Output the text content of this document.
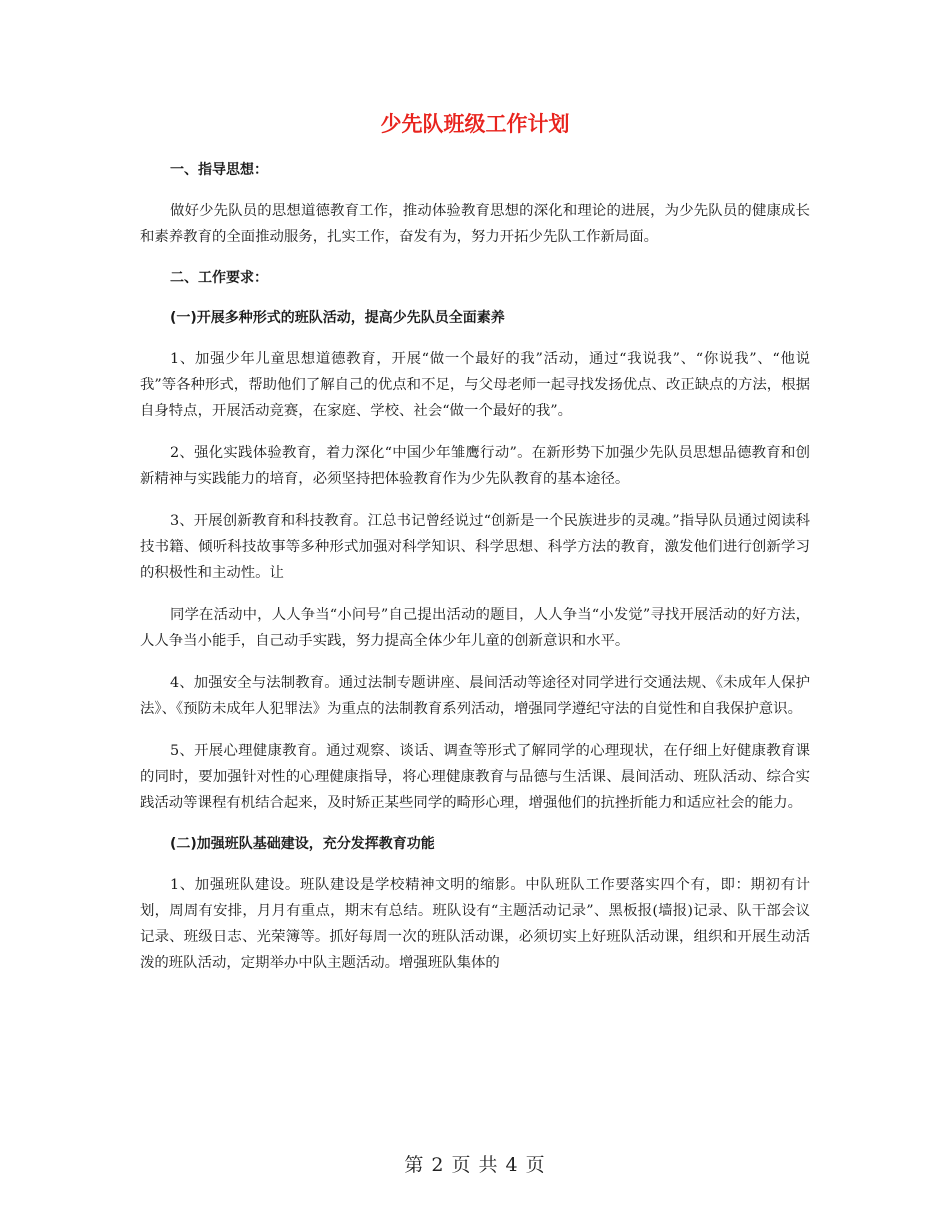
少先队班级工作计划
一、指导思想：

做好少先队员的思想道德教育工作，推动体验教育思想的深化和理论的进展，为少先队员的健康成长和素养教育的全面推动服务，扎实工作，奋发有为，努力开拓少先队工作新局面。

二、工作要求：
(一)开展多种形式的班队活动，提高少先队员全面素养

1、加强少年儿童思想道德教育，开展“做一个最好的我”活动，通过“我说我”、“你说我”、“他说我”等各种形式，帮助他们了解自己的优点和不足，与父母老师一起寻找发扬优点、改正缺点的方法，根据自身特点，开展活动竞赛，在家庭、学校、社会“做一个最好的我”。

2、强化实践体验教育，着力深化“中国少年雏鹰行动”。在新形势下加强少先队员思想品德教育和创新精神与实践能力的培育，必须坚持把体验教育作为少先队教育的基本途径。

3、开展创新教育和科技教育。江总书记曾经说过“创新是一个民族进步的灵魂。”指导队员通过阅读科技书籍、倾听科技故事等多种形式加强对科学知识、科学思想、科学方法的教育，激发他们进行创新学习的积极性和主动性。让

同学在活动中，人人争当“小问号”自己提出活动的题目，人人争当“小发觉”寻找开展活动的好方法，人人争当小能手，自己动手实践，努力提高全体少年儿童的创新意识和水平。

4、加强安全与法制教育。通过法制专题讲座、晨间活动等途径对同学进行交通法规、《未成年人保护法》、《预防未成年人犯罪法》为重点的法制教育系列活动，增强同学遵纪守法的自觉性和自我保护意识。

5、开展心理健康教育。通过观察、谈话、调查等形式了解同学的心理现状，在仔细上好健康教育课的同时，要加强针对性的心理健康指导，将心理健康教育与品德与生活课、晨间活动、班队活动、综合实践活动等课程有机结合起来，及时矫正某些同学的畸形心理，增强他们的抗挫折能力和适应社会的能力。

(二)加强班队基础建设，充分发挥教育功能

1、加强班队建设。班队建设是学校精神文明的缩影。中队班队工作要落实四个有，即：期初有计划，周周有安排，月月有重点，期末有总结。班队设有“主题活动记录”、黑板报(墙报)记录、队干部会议记录、班级日志、光荣簿等。抓好每周一次的班队活动课，必须切实上好班队活动课，组织和开展生动活泼的班队活动，定期举办中队主题活动。增强班队集体的

第 2 页 共 4 页
